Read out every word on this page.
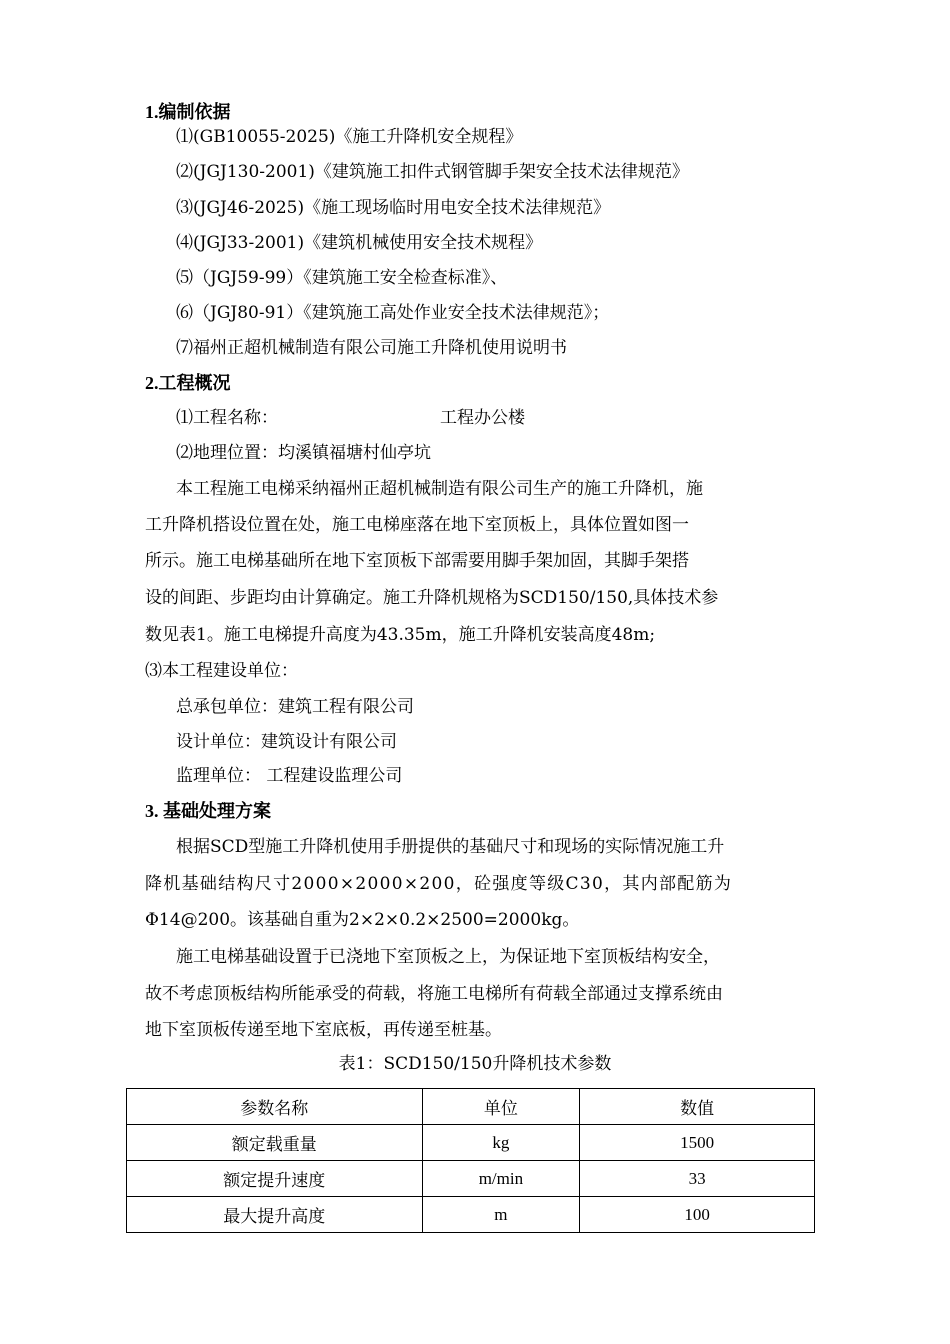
1.编制依据
⑴(GB10055-2025)《施工升降机安全规程》
⑵(JGJ130-2001)《建筑施工扣件式钢管脚手架安全技术法律规范》
⑶(JGJ46-2025)《施工现场临时用电安全技术法律规范》
⑷(JGJ33-2001)《建筑机械使用安全技术规程》
⑸（JGJ59-99）《建筑施工安全检查标准》、
⑹（JGJ80-91）《建筑施工高处作业安全技术法律规范》；
⑺福州正超机械制造有限公司施工升降机使用说明书
2.工程概况
⑴工程名称：	工程办公楼
⑵地理位置：均溪镇福塘村仙亭坑
本工程施工电梯采纳福州正超机械制造有限公司生产的施工升降机，施
工升降机搭设位置在处，施工电梯座落在地下室顶板上，具体位置如图一
所示。施工电梯基础所在地下室顶板下部需要用脚手架加固，其脚手架搭
设的间距、步距均由计算确定。施工升降机规格为SCD150/150,具体技术参
数见表1。施工电梯提升高度为43.35m，施工升降机安装高度48m;
⑶本工程建设单位：
总承包单位：建筑工程有限公司
设计单位：建筑设计有限公司
监理单位： 工程建设监理公司
3. 基础处理方案
根据SCD型施工升降机使用手册提供的基础尺寸和现场的实际情况施工升
降机基础结构尺寸2000×2000×200，砼强度等级C30，其内部配筋为
Φ14@200。该基础自重为2×2×0.2×2500=2000kg。
施工电梯基础设置于已浇地下室顶板之上，为保证地下室顶板结构安全，
故不考虑顶板结构所能承受的荷载，将施工电梯所有荷载全部通过支撑系统由
地下室顶板传递至地下室底板，再传递至桩基。
表1：SCD150/150升降机技术参数
参数名称	单位	数值
额定载重量	kg	1500
额定提升速度	m/min	33
最大提升高度	m	100
